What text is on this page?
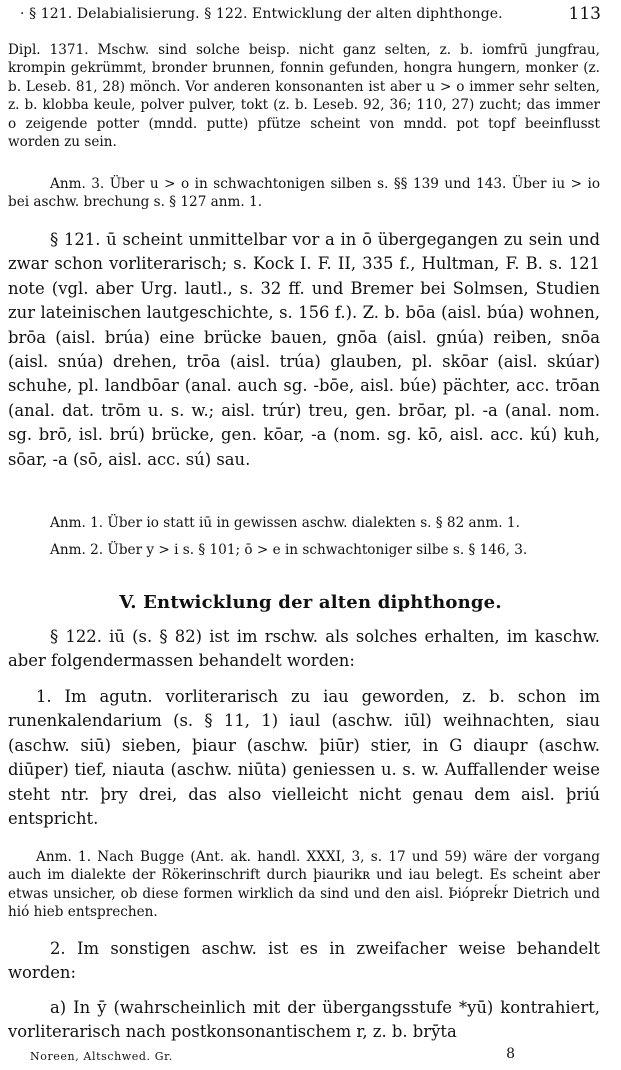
· § 121. Delabialisierung. § 122. Entwicklung der alten diphthonge.	113

Dipl. 1371. Mschw. sind solche beisp. nicht ganz selten, z. b. iomfrū jungfrau, krompin gekrümmt, bronder brunnen, fonnin gefunden, hongra hungern, monker (z. b. Leseb. 81, 28) mönch. Vor anderen konsonanten ist aber u > o immer sehr selten, z. b. klobba keule, polver pulver, tokt (z. b. Leseb. 92, 36; 110, 27) zucht; das immer o zeigende potter (mndd. putte) pfütze scheint von mndd. pot topf beeinflusst worden zu sein.

Anm. 3. Über u > o in schwachtonigen silben s. §§ 139 und 143. Über iu > io bei aschw. brechung s. § 127 anm. 1.

§ 121. ū scheint unmittelbar vor a in ō übergegangen zu sein und zwar schon vorliterarisch; s. Kock I. F. II, 335 f., Hultman, F. B. s. 121 note (vgl. aber Urg. lautl., s. 32 ff. und Bremer bei Solmsen, Studien zur lateinischen lautgeschichte, s. 156 f.). Z. b. bōa (aisl. búa) wohnen, brōa (aisl. brúa) eine brücke bauen, gnōa (aisl. gnúa) reiben, snōa (aisl. snúa) drehen, trōa (aisl. trúa) glauben, pl. skōar (aisl. skúar) schuhe, pl. landbōar (anal. auch sg. -bōe, aisl. búe) pächter, acc. trōan (anal. dat. trōm u. s. w.; aisl. trúr) treu, gen. brōar, pl. -a (anal. nom. sg. brō, isl. brú) brücke, gen. kōar, -a (nom. sg. kō, aisl. acc. kú) kuh, sōar, -a (sō, aisl. acc. sú) sau.

Anm. 1. Über io statt iū in gewissen aschw. dialekten s. § 82 anm. 1.

Anm. 2. Über y > i s. § 101; ō > e in schwachtoniger silbe s. § 146, 3.

V. Entwicklung der alten diphthonge.

§ 122. iū (s. § 82) ist im rschw. als solches erhalten, im kaschw. aber folgendermassen behandelt worden:

1. Im agutn. vorliterarisch zu iau geworden, z. b. schon im runenkalendarium (s. § 11, 1) iaul (aschw. iūl) weihnachten, siau (aschw. siū) sieben, þiaur (aschw. þiūr) stier, in G diaupr (aschw. diūper) tief, niauta (aschw. niūta) geniessen u. s. w. Auffallender weise steht ntr. þry drei, das also vielleicht nicht genau dem aisl. þriú entspricht.

Anm. 1. Nach Bugge (Ant. ak. handl. XXXI, 3, s. 17 und 59) wäre der vorgang auch im dialekte der Rökerinschrift durch þiaurikʀ und iau belegt. Es scheint aber etwas unsicher, ob diese formen wirklich da sind und den aisl. Þiópreḱr Dietrich und hió hieb entsprechen.

2. Im sonstigen aschw. ist es in zweifacher weise behandelt worden:

a) In ȳ (wahrscheinlich mit der übergangsstufe *yū) kontrahiert, vorliterarisch nach postkonsonantischem r, z. b. brȳta

Noreen, Altschwed. Gr.	8
